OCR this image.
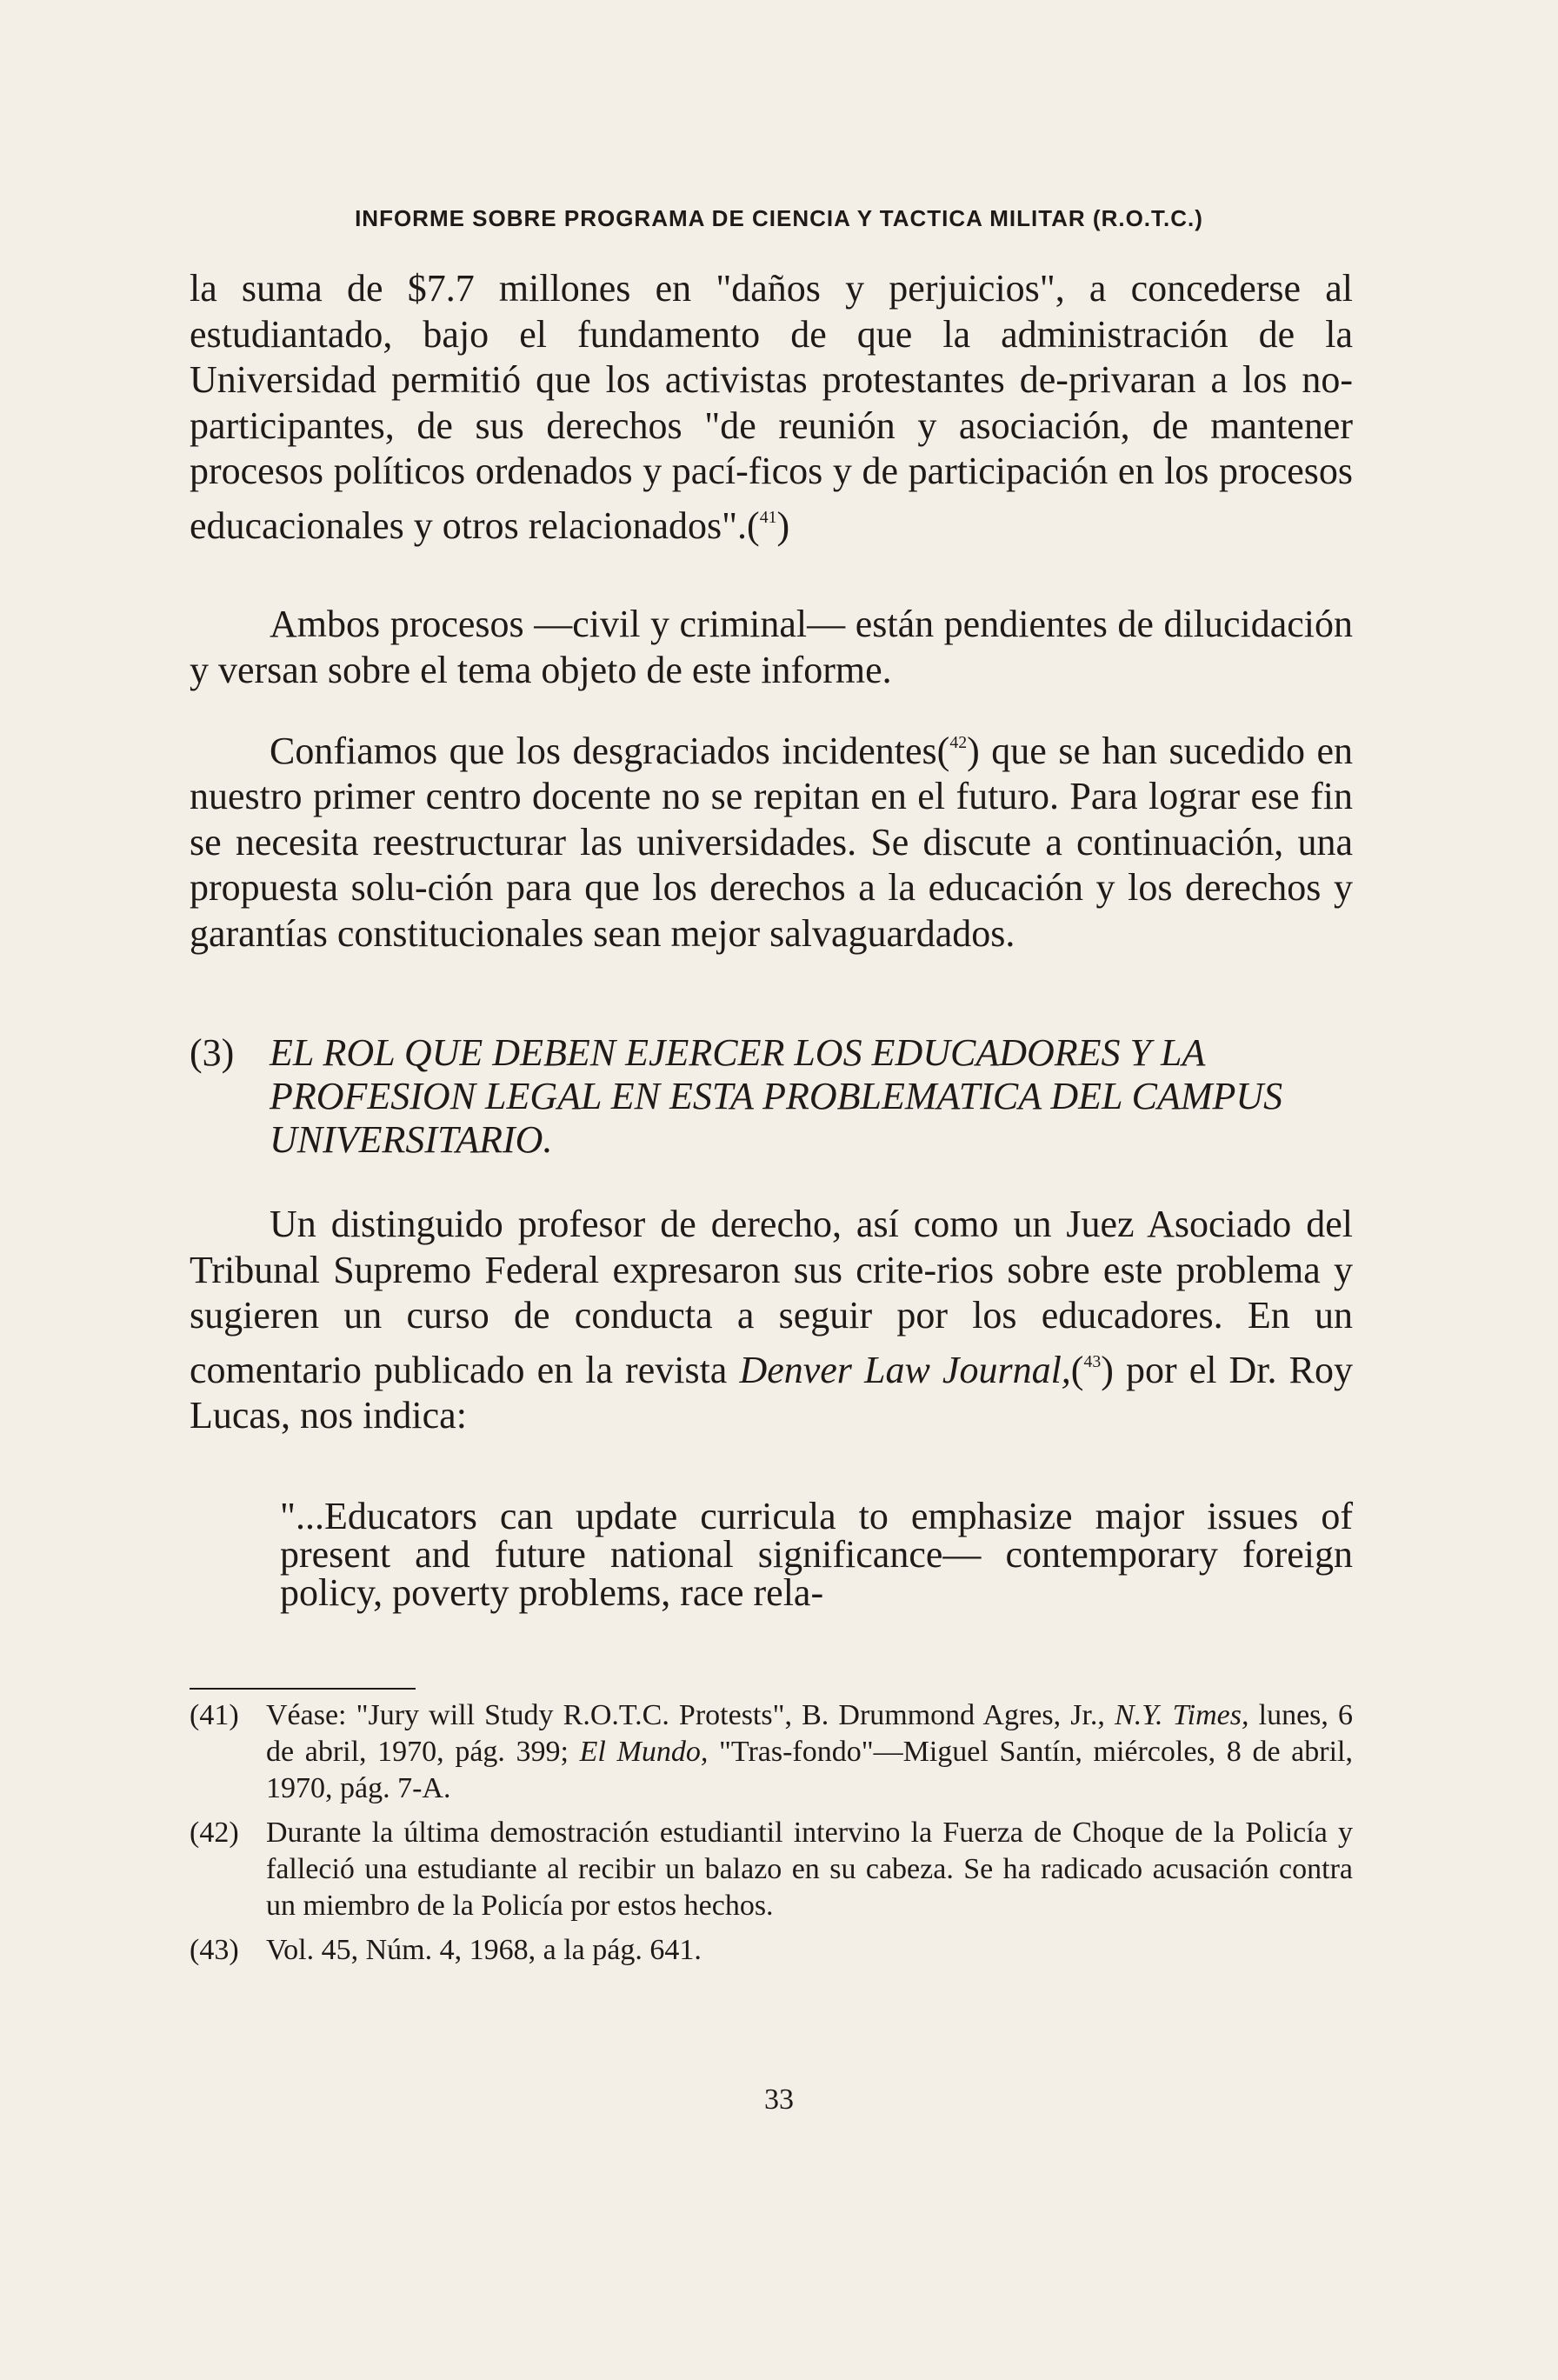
INFORME SOBRE PROGRAMA DE CIENCIA Y TACTICA MILITAR (R.O.T.C.)
la suma de $7.7 millones en "daños y perjuicios", a concederse al estudiantado, bajo el fundamento de que la administración de la Universidad permitió que los activistas protestantes de-privaran a los no-participantes, de sus derechos "de reunión y asociación, de mantener procesos políticos ordenados y pací-ficos y de participación en los procesos educacionales y otros relacionados".($^{41}$)
Ambos procesos —civil y criminal— están pendientes de dilucidación y versan sobre el tema objeto de este informe.
Confiamos que los desgraciados incidentes($^{42}$) que se han sucedido en nuestro primer centro docente no se repitan en el futuro. Para lograr ese fin se necesita reestructurar las universidades. Se discute a continuación, una propuesta solu-ción para que los derechos a la educación y los derechos y garantías constitucionales sean mejor salvaguardados.
(3) EL ROL QUE DEBEN EJERCER LOS EDUCADORES Y LA PROFESION LEGAL EN ESTA PROBLEMATICA DEL CAMPUS UNIVERSITARIO.
Un distinguido profesor de derecho, así como un Juez Asociado del Tribunal Supremo Federal expresaron sus crite-rios sobre este problema y sugieren un curso de conducta a seguir por los educadores. En un comentario publicado en la revista Denver Law Journal,($^{43}$) por el Dr. Roy Lucas, nos indica:
"...Educators can update curricula to emphasize major issues of present and future national significance— contemporary foreign policy, poverty problems, race rela-
(41) Véase: "Jury will Study R.O.T.C. Protests", B. Drummond Agres, Jr., N.Y. Times, lunes, 6 de abril, 1970, pág. 399; El Mundo, "Tras-fondo"—Miguel Santín, miércoles, 8 de abril, 1970, pág. 7-A.
(42) Durante la última demostración estudiantil intervino la Fuerza de Choque de la Policía y falleció una estudiante al recibir un balazo en su cabeza. Se ha radicado acusación contra un miembro de la Policía por estos hechos.
(43) Vol. 45, Núm. 4, 1968, a la pág. 641.
33
